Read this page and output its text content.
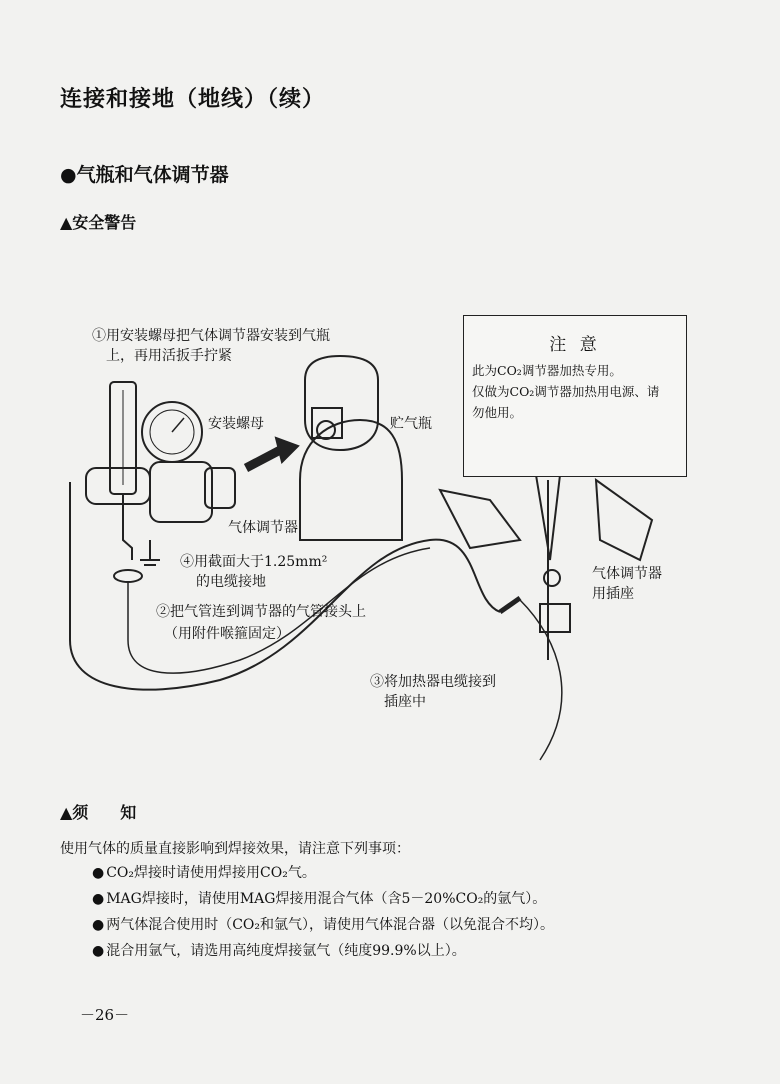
连接和接地（地线）（续）
●气瓶和气体调节器
▲安全警告
注 意
此为CO₂调节器加热专用。
仅做为CO₂调节器加热用电源、请
勿他用。
①用安装螺母把气体调节器安装到气瓶
上，再用活扳手拧紧
安装螺母	贮气瓶
气体调节器
④用截面大于1.25mm²
的电缆接地
②把气管连到调节器的气管接头上
（用附件喉箍固定）
③将加热器电缆接到
插座中
气体调节器
用插座
▲须　　知
使用气体的质量直接影响到焊接效果，请注意下列事项：
● CO₂焊接时请使用焊接用CO₂气。
● MAG焊接时，请使用MAG焊接用混合气体（含5－20%CO₂的氩气）。
● 两气体混合使用时（CO₂和氩气），请使用气体混合器（以免混合不均）。
● 混合用氩气，请选用高纯度焊接氩气（纯度99.9%以上）。
－26－
